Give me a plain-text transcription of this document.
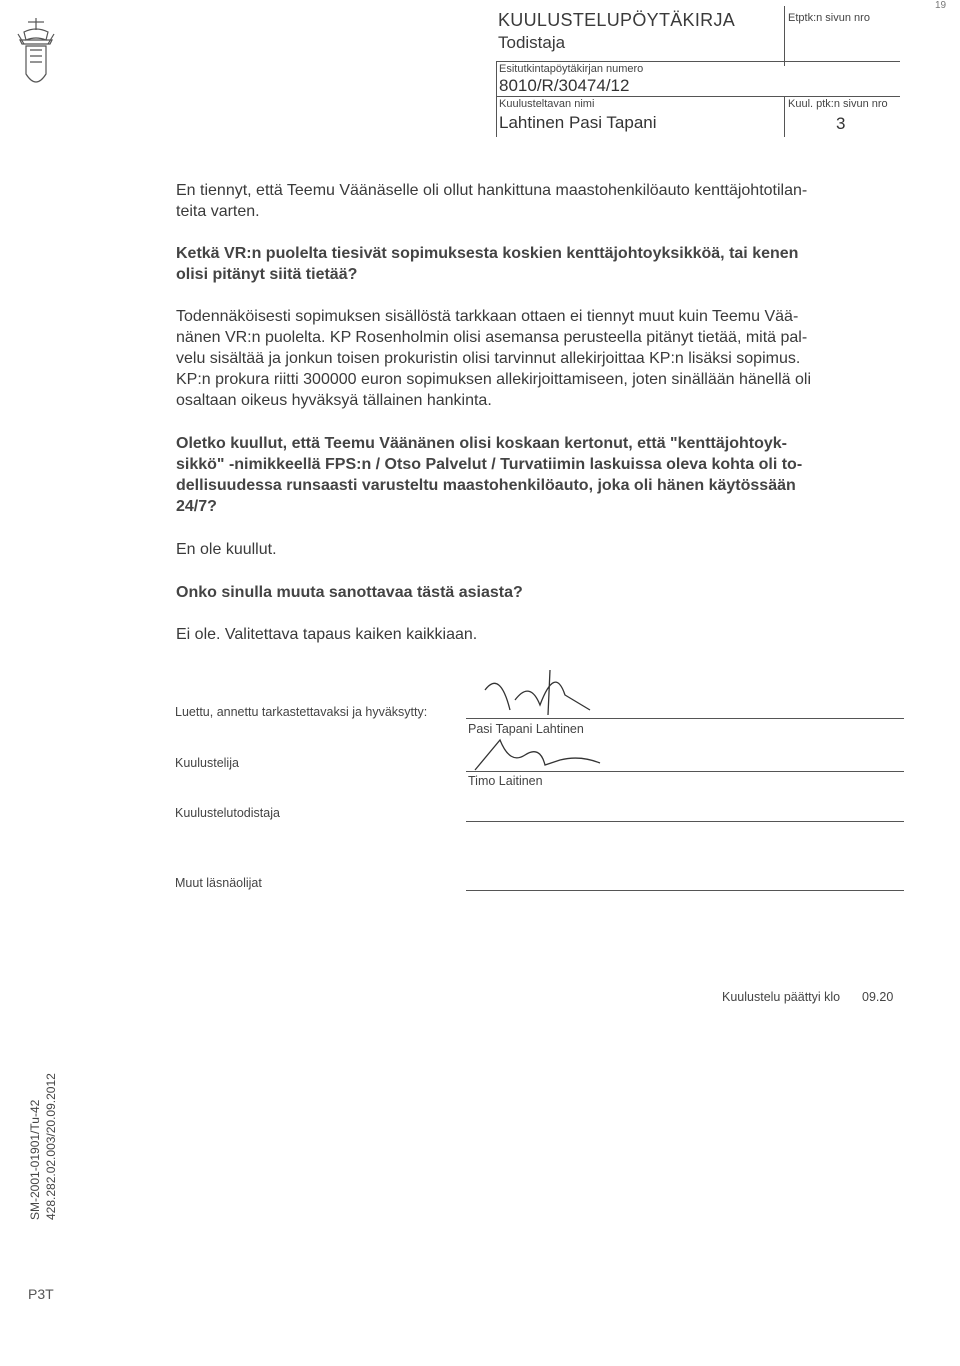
19
KUULUSTELUPÖYTÄKIRJA
Todistaja
Etptk:n sivun nro
Esitutkintapöytäkirjan numero
8010/R/30474/12
Kuulusteltavan nimi
Lahtinen Pasi Tapani
Kuul. ptk:n sivun nro
3

En tiennyt, että Teemu Väänäselle oli ollut hankittuna maastohenkilöauto kenttäjohtotilan-

teita varten.

Ketkä VR:n puolelta tiesivät sopimuksesta koskien kenttäjohtoyksikköä, tai kenen

olisi pitänyt siitä tietää?

Todennäköisesti sopimuksen sisällöstä tarkkaan ottaen ei tiennyt muut kuin Teemu Vää-

nänen VR:n puolelta. KP Rosenholmin olisi asemansa perusteella pitänyt tietää, mitä pal-

velu sisältää ja jonkun toisen prokuristin olisi tarvinnut allekirjoittaa KP:n lisäksi sopimus.

KP:n prokura riitti 300000 euron sopimuksen allekirjoittamiseen, joten sinällään hänellä oli

osaltaan oikeus hyväksyä tällainen hankinta.

Oletko kuullut, että Teemu Väänänen olisi koskaan kertonut, että "kenttäjohtoyk-

sikkö" -nimikkeellä FPS:n / Otso Palvelut / Turvatiimin laskuissa oleva kohta oli to-

dellisuudessa runsaasti varusteltu maastohenkilöauto, joka oli hänen käytössään

24/7?

En ole kuullut.

Onko sinulla muuta sanottavaa tästä asiasta?

Ei ole. Valitettava tapaus kaiken kaikkiaan.

Luettu, annettu tarkastettavaksi ja hyväksytty:
Pasi Tapani Lahtinen
Kuulustelija
Timo Laitinen
Kuulustelutodistaja
Muut läsnäolijat
Kuulustelu päättyi klo 09.20
SM-2001-01901/Tu-42 428.282.02.003/20.09.2012
P3T
